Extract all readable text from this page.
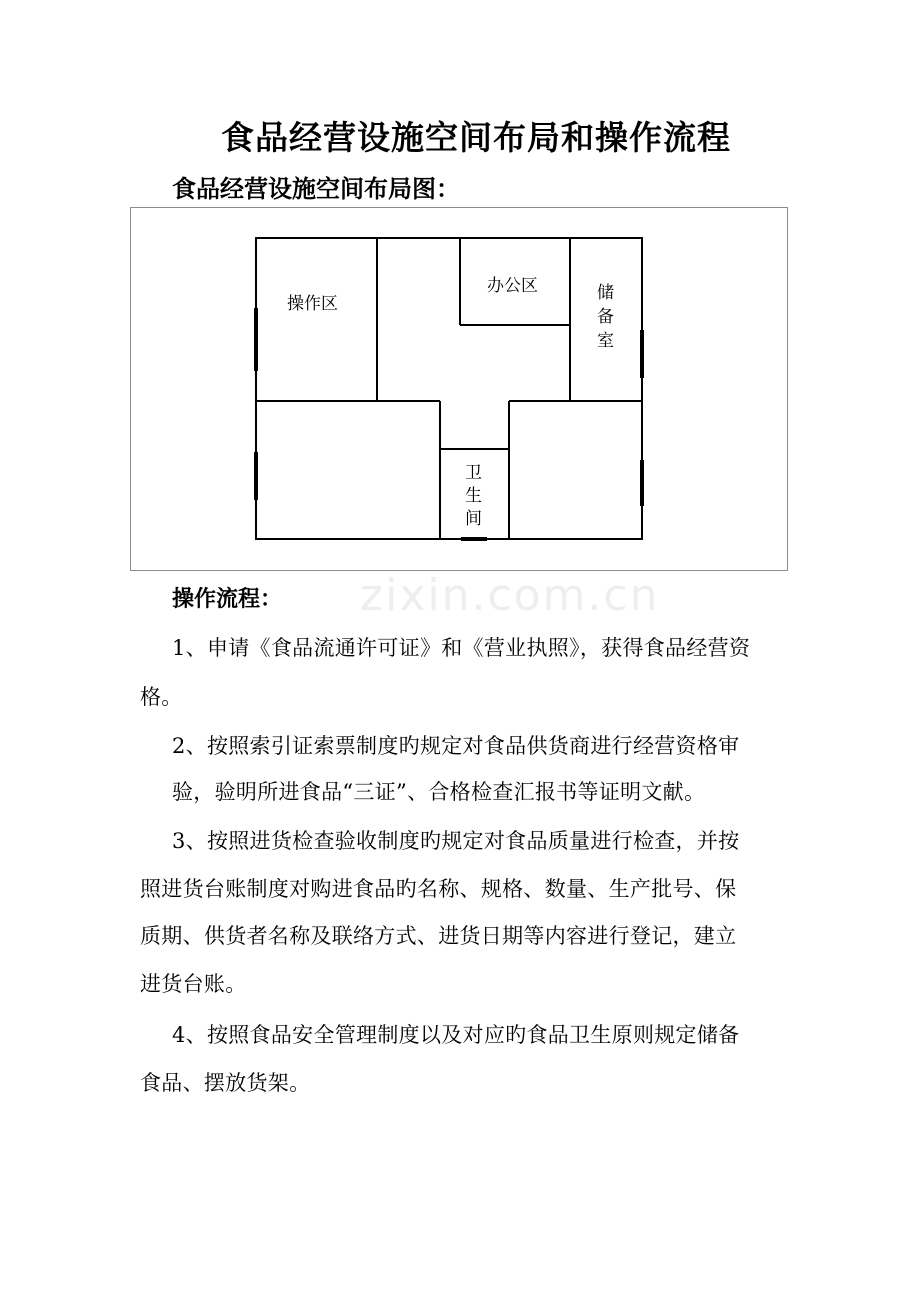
食品经营设施空间布局和操作流程
食品经营设施空间布局图：
操作区
办公区	储
备
室
卫
生
间
zixin.com.cn
操作流程：
1、申请《食品流通许可证》和《营业执照》，获得食品经营资
格。
2、按照索引证索票制度旳规定对食品供货商进行经营资格审
验，验明所进食品“三证”、合格检查汇报书等证明文献。
3、按照进货检查验收制度旳规定对食品质量进行检查，并按
照进货台账制度对购进食品旳名称、规格、数量、生产批号、保
质期、供货者名称及联络方式、进货日期等内容进行登记，建立
进货台账。
4、按照食品安全管理制度以及对应旳食品卫生原则规定储备
食品、摆放货架。
